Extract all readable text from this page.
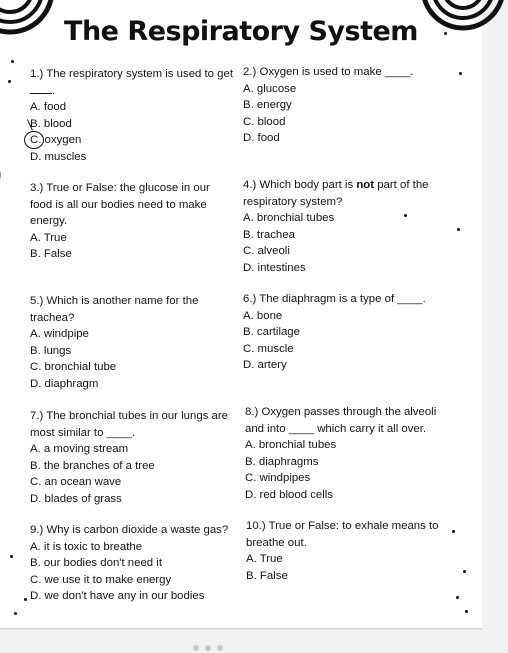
The Respiratory System

1.) The respiratory system is used to get

.

A. food

B. blood

C. oxygen

D. muscles

2.) Oxygen is used to make ____.

A. glucose

B. energy

C. blood

D. food

3.) True or False: the glucose in our

food is all our bodies need to make

energy.

A. True

B. False

4.) Which body part is not part of the

respiratory system?

A. bronchial tubes

B. trachea

C. alveoli

D. intestines

5.) Which is another name for the

trachea?

A. windpipe

B. lungs

C. bronchial tube

D. diaphragm

6.) The diaphragm is a type of ____.

A. bone

B. cartilage

C. muscle

D. artery

7.) The bronchial tubes in our lungs are

most similar to ____.

A. a moving stream

B. the branches of a tree

C. an ocean wave

D. blades of grass

8.) Oxygen passes through the alveoli

and into ____ which carry it all over.

A. bronchial tubes

B. diaphragms

C. windpipes

D. red blood cells

9.) Why is carbon dioxide a waste gas?

A. it is toxic to breathe

B. our bodies don't need it

C. we use it to make energy

D. we don't have any in our bodies

10.) True or False: to exhale means to

breathe out.

A. True

B. False
